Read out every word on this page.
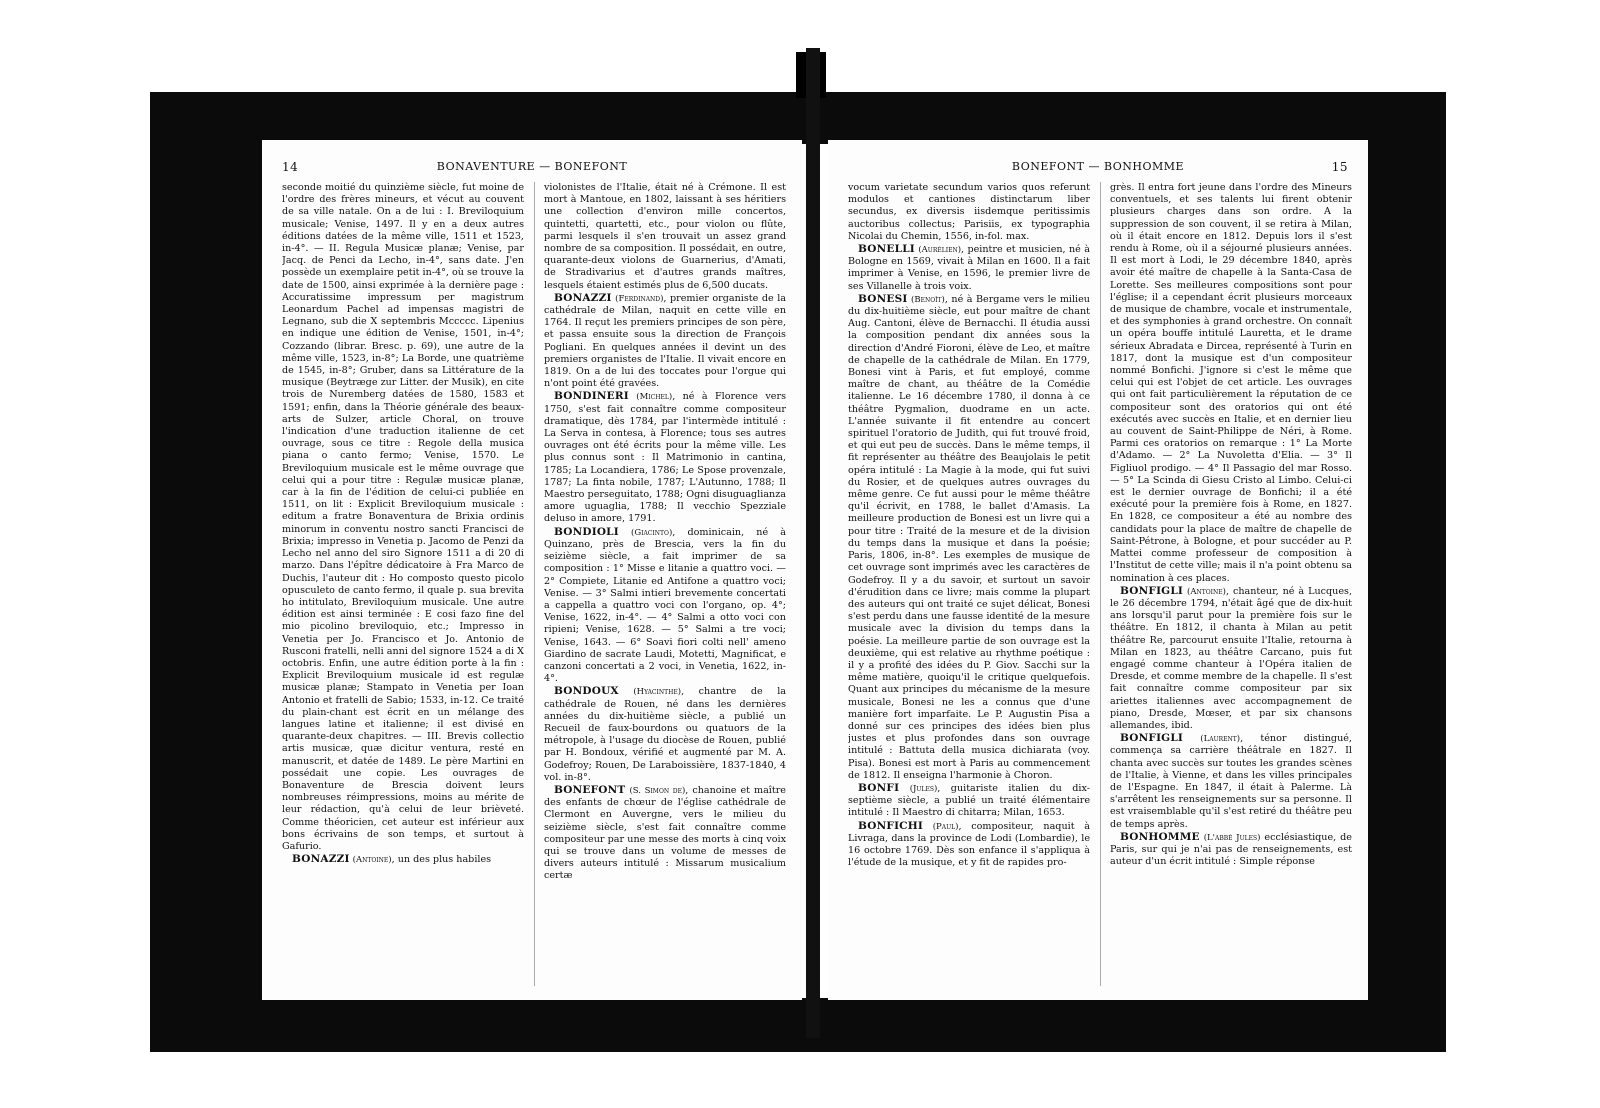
14	BONAVENTURE — BONEFONT

seconde moitié du quinzième siècle, fut moine de l'ordre des frères mineurs, et vécut au couvent de sa ville natale. On a de lui : I. Breviloquium musicale; Venise, 1497. Il y en a deux autres éditions datées de la même ville, 1511 et 1523, in-4°. — II. Regula Musicæ planæ; Venise, par Jacq. de Penci da Lecho, in-4°, sans date. J'en possède un exemplaire petit in-4°, où se trouve la date de 1500, ainsi exprimée à la dernière page : Accuratissime impressum per magistrum Leonardum Pachel ad impensas magistri de Legnano, sub die X septembris Mccccc. Lipenius en indique une édition de Venise, 1501, in-4°; Cozzando (librar. Bresc. p. 69), une autre de la même ville, 1523, in-8°; La Borde, une quatrième de 1545, in-8°; Gruber, dans sa Littérature de la musique (Beytræge zur Litter. der Musik), en cite trois de Nuremberg datées de 1580, 1583 et 1591; enfin, dans la Théorie générale des beaux-arts de Sulzer, article Choral, on trouve l'indication d'une traduction italienne de cet ouvrage, sous ce titre : Regole della musica piana o canto fermo; Venise, 1570. Le Breviloquium musicale est le même ouvrage que celui qui a pour titre : Regulæ musicæ planæ, car à la fin de l'édition de celui-ci publiée en 1511, on lit : Explicit Breviloquium musicale : editum a fratre Bonaventura de Brixia ordinis minorum in conventu nostro sancti Francisci de Brixia; impresso in Venetia p. Jacomo de Penzi da Lecho nel anno del siro Signore 1511 a di 20 di marzo. Dans l'épître dédicatoire à Fra Marco de Duchis, l'auteur dit : Ho composto questo picolo opusculeto de canto fermo, il quale p. sua brevita ho intitulato, Breviloquium musicale. Une autre édition est ainsi terminée : E cosi fazo fine del mio picolino breviloquio, etc.; Impresso in Venetia per Jo. Francisco et Jo. Antonio de Rusconi fratelli, nelli anni del signore 1524 a di X octobris. Enfin, une autre édition porte à la fin : Explicit Breviloquium musicale id est regulæ musicæ planæ; Stampato in Venetia per Ioan Antonio et fratelli de Sabio; 1533, in-12. Ce traité du plain-chant est écrit en un mélange des langues latine et italienne; il est divisé en quarante-deux chapitres. — III. Brevis collectio artis musicæ, quæ dicitur ventura, resté en manuscrit, et datée de 1489. Le père Martini en possédait une copie. Les ouvrages de Bonaventure de Brescia doivent leurs nombreuses réimpressions, moins au mérite de leur rédaction, qu'à celui de leur brièveté. Comme théoricien, cet auteur est inférieur aux bons écrivains de son temps, et surtout à Gafurio.

BONAZZI (Antoine), un des plus habiles

violonistes de l'Italie, était né à Crémone. Il est mort à Mantoue, en 1802, laissant à ses héritiers une collection d'environ mille concertos, quintetti, quartetti, etc., pour violon ou flûte, parmi lesquels il s'en trouvait un assez grand nombre de sa composition. Il possédait, en outre, quarante-deux violons de Guarnerius, d'Amati, de Stradivarius et d'autres grands maîtres, lesquels étaient estimés plus de 6,500 ducats.

BONAZZI (Ferdinand), premier organiste de la cathédrale de Milan, naquit en cette ville en 1764. Il reçut les premiers principes de son père, et passa ensuite sous la direction de François Pogliani. En quelques années il devint un des premiers organistes de l'Italie. Il vivait encore en 1819. On a de lui des toccates pour l'orgue qui n'ont point été gravées.

BONDINERI (Michel), né à Florence vers 1750, s'est fait connaître comme compositeur dramatique, dès 1784, par l'intermède intitulé : La Serva in contesa, à Florence; tous ses autres ouvrages ont été écrits pour la même ville. Les plus connus sont : Il Matrimonio in cantina, 1785; La Locandiera, 1786; Le Spose provenzale, 1787; La finta nobile, 1787; L'Autunno, 1788; Il Maestro perseguitato, 1788; Ogni disuguaglianza amore uguaglia, 1788; Il vecchio Spezziale deluso in amore, 1791.

BONDIOLI (Giacinto), dominicain, né à Quinzano, près de Brescia, vers la fin du seizième siècle, a fait imprimer de sa composition : 1° Misse e litanie a quattro voci. — 2° Compiete, Litanie ed Antifone a quattro voci; Venise. — 3° Salmi intieri brevemente concertati a cappella a quattro voci con l'organo, op. 4°; Venise, 1622, in-4°. — 4° Salmi a otto voci con ripieni; Venise, 1628. — 5° Salmi a tre voci; Venise, 1643. — 6° Soavi fiori colti nell' ameno Giardino de sacrate Laudi, Motetti, Magnificat, e canzoni concertati a 2 voci, in Venetia, 1622, in-4°.

BONDOUX (Hyacinthe), chantre de la cathédrale de Rouen, né dans les dernières années du dix-huitième siècle, a publié un Recueil de faux-bourdons ou quatuors de la métropole, à l'usage du diocèse de Rouen, publié par H. Bondoux, vérifié et augmenté par M. A. Godefroy; Rouen, De Laraboissière, 1837-1840, 4 vol. in-8°.

BONEFONT (S. Simon de), chanoine et maître des enfants de chœur de l'église cathédrale de Clermont en Auvergne, vers le milieu du seizième siècle, s'est fait connaître comme compositeur par une messe des morts à cinq voix qui se trouve dans un volume de messes de divers auteurs intitulé : Missarum musicalium certæ

BONEFONT — BONHOMME	15

vocum varietate secundum varios quos referunt modulos et cantiones distinctarum liber secundus, ex diversis iisdemque peritissimis auctoribus collectus; Parisiis, ex typographia Nicolai du Chemin, 1556, in-fol. max.

BONELLI (Aurélien), peintre et musicien, né à Bologne en 1569, vivait à Milan en 1600. Il a fait imprimer à Venise, en 1596, le premier livre de ses Villanelle à trois voix.

BONESI (Benoît), né à Bergame vers le milieu du dix-huitième siècle, eut pour maître de chant Aug. Cantoni, élève de Bernacchi. Il étudia aussi la composition pendant dix années sous la direction d'André Fioroni, élève de Leo, et maître de chapelle de la cathédrale de Milan. En 1779, Bonesi vint à Paris, et fut employé, comme maître de chant, au théâtre de la Comédie italienne. Le 16 décembre 1780, il donna à ce théâtre Pygmalion, duodrame en un acte. L'année suivante il fit entendre au concert spirituel l'oratorio de Judith, qui fut trouvé froid, et qui eut peu de succès. Dans le même temps, il fit représenter au théâtre des Beaujolais le petit opéra intitulé : La Magie à la mode, qui fut suivi du Rosier, et de quelques autres ouvrages du même genre. Ce fut aussi pour le même théâtre qu'il écrivit, en 1788, le ballet d'Amasis. La meilleure production de Bonesi est un livre qui a pour titre : Traité de la mesure et de la division du temps dans la musique et dans la poésie; Paris, 1806, in-8°. Les exemples de musique de cet ouvrage sont imprimés avec les caractères de Godefroy. Il y a du savoir, et surtout un savoir d'érudition dans ce livre; mais comme la plupart des auteurs qui ont traité ce sujet délicat, Bonesi s'est perdu dans une fausse identité de la mesure musicale avec la division du temps dans la poésie. La meilleure partie de son ouvrage est la deuxième, qui est relative au rhythme poétique : il y a profité des idées du P. Giov. Sacchi sur la même matière, quoiqu'il le critique quelquefois. Quant aux principes du mécanisme de la mesure musicale, Bonesi ne les a connus que d'une manière fort imparfaite. Le P. Augustin Pisa a donné sur ces principes des idées bien plus justes et plus profondes dans son ouvrage intitulé : Battuta della musica dichiarata (voy. Pisa). Bonesi est mort à Paris au commencement de 1812. Il enseigna l'harmonie à Choron.

BONFI (Jules), guitariste italien du dix-septième siècle, a publié un traité élémentaire intitulé : Il Maestro di chitarra; Milan, 1653.

BONFICHI (Paul), compositeur, naquit à Livraga, dans la province de Lodi (Lombardie), le 16 octobre 1769. Dès son enfance il s'appliqua à l'étude de la musique, et y fit de rapides pro-

grès. Il entra fort jeune dans l'ordre des Mineurs conventuels, et ses talents lui firent obtenir plusieurs charges dans son ordre. A la suppression de son couvent, il se retira à Milan, où il était encore en 1812. Depuis lors il s'est rendu à Rome, où il a séjourné plusieurs années. Il est mort à Lodi, le 29 décembre 1840, après avoir été maître de chapelle à la Santa-Casa de Lorette. Ses meilleures compositions sont pour l'église; il a cependant écrit plusieurs morceaux de musique de chambre, vocale et instrumentale, et des symphonies à grand orchestre. On connaît un opéra bouffe intitulé Lauretta, et le drame sérieux Abradata e Dircea, représenté à Turin en 1817, dont la musique est d'un compositeur nommé Bonfichi. J'ignore si c'est le même que celui qui est l'objet de cet article. Les ouvrages qui ont fait particulièrement la réputation de ce compositeur sont des oratorios qui ont été exécutés avec succès en Italie, et en dernier lieu au couvent de Saint-Philippe de Néri, à Rome. Parmi ces oratorios on remarque : 1° La Morte d'Adamo. — 2° La Nuvoletta d'Elia. — 3° Il Figliuol prodigo. — 4° Il Passagio del mar Rosso. — 5° La Scinda di Giesu Cristo al Limbo. Celui-ci est le dernier ouvrage de Bonfichi; il a été exécuté pour la première fois à Rome, en 1827. En 1828, ce compositeur a été au nombre des candidats pour la place de maître de chapelle de Saint-Pétrone, à Bologne, et pour succéder au P. Mattei comme professeur de composition à l'Institut de cette ville; mais il n'a point obtenu sa nomination à ces places.

BONFIGLI (Antoine), chanteur, né à Lucques, le 26 décembre 1794, n'était âgé que de dix-huit ans lorsqu'il parut pour la première fois sur le théâtre. En 1812, il chanta à Milan au petit théâtre Re, parcourut ensuite l'Italie, retourna à Milan en 1823, au théâtre Carcano, puis fut engagé comme chanteur à l'Opéra italien de Dresde, et comme membre de la chapelle. Il s'est fait connaître comme compositeur par six ariettes italiennes avec accompagnement de piano, Dresde, Mœser, et par six chansons allemandes, ibid.

BONFIGLI (Laurent), ténor distingué, commença sa carrière théâtrale en 1827. Il chanta avec succès sur toutes les grandes scènes de l'Italie, à Vienne, et dans les villes principales de l'Espagne. En 1847, il était à Palerme. Là s'arrêtent les renseignements sur sa personne. Il est vraisemblable qu'il s'est retiré du théâtre peu de temps après.

BONHOMME (L'abbé Jules) ecclésiastique, de Paris, sur qui je n'ai pas de renseignements, est auteur d'un écrit intitulé : Simple réponse
